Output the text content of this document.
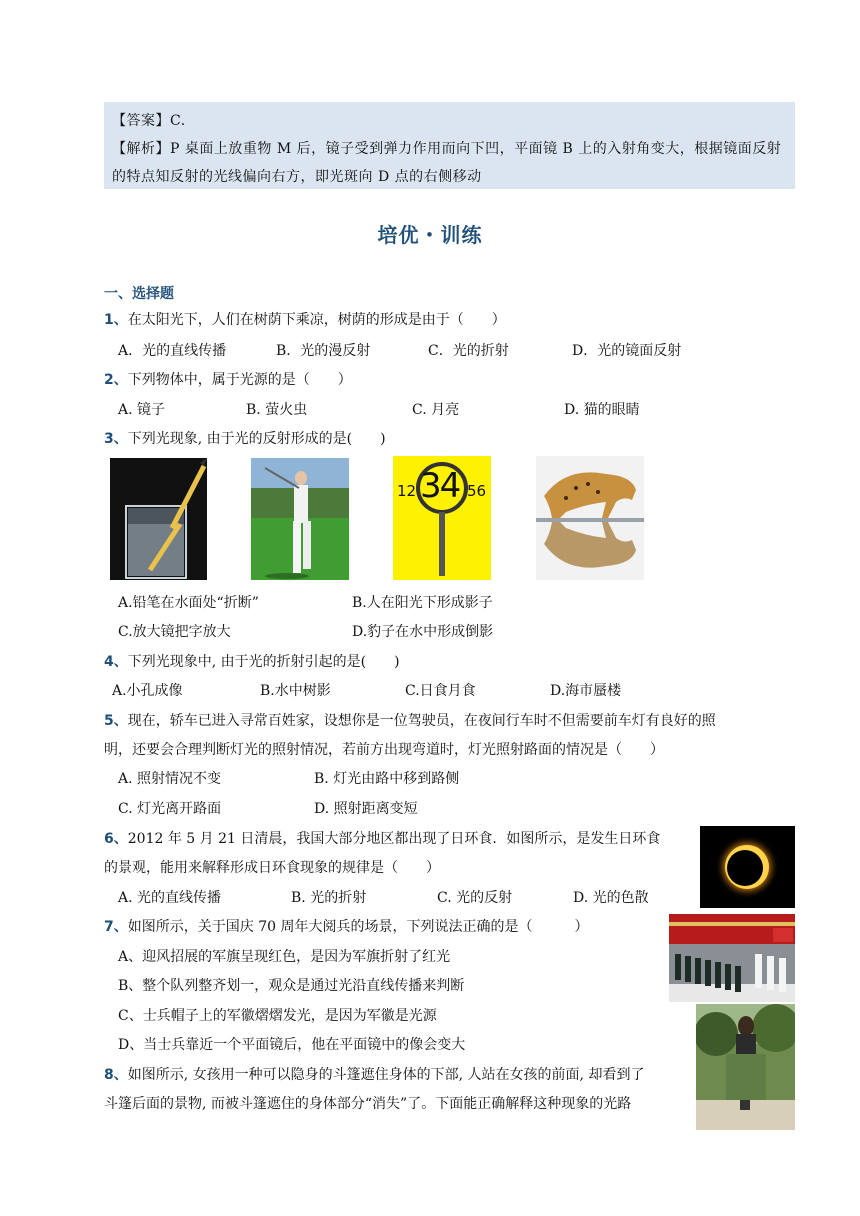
【答案】C.
【解析】P 桌面上放重物 M 后，镜子受到弹力作用而向下凹，平面镜 B 上的入射角变大，根据镜面反射
的特点知反射的光线偏向右方，即光斑向 D 点的右侧移动
培优・训练
一、选择题
1、在太阳光下，人们在树荫下乘凉，树荫的形成是由于（　　）
A．光的直线传播	B．光的漫反射	C．光的折射	D．光的镜面反射
2、下列物体中，属于光源的是（　　）
A. 镜子	B. 萤火虫	C. 月亮	D. 猫的眼睛
3、下列光现象, 由于光的反射形成的是(　　)
12 34 56
A.铅笔在水面处“折断”	B.人在阳光下形成影子
C.放大镜把字放大	D.豹子在水中形成倒影
4、下列光现象中, 由于光的折射引起的是(　　)
A.小孔成像	B.水中树影	C.日食月食	D.海市蜃楼
5、现在，轿车已进入寻常百姓家，设想你是一位驾驶员，在夜间行车时不但需要前车灯有良好的照
明，还要会合理判断灯光的照射情况，若前方出现弯道时，灯光照射路面的情况是（　　）
A. 照射情况不变	B. 灯光由路中移到路侧
C. 灯光离开路面	D. 照射距离变短
6、2012 年 5 月 21 日清晨，我国大部分地区都出现了日环食．如图所示，是发生日环食
的景观，能用来解释形成日环食现象的规律是（　　）
A. 光的直线传播	B. 光的折射	C. 光的反射	D. 光的色散
7、如图所示，关于国庆 70 周年大阅兵的场景，下列说法正确的是（　　　）
A、迎风招展的军旗呈现红色，是因为军旗折射了红光
B、整个队列整齐划一，观众是通过光沿直线传播来判断
C、士兵帽子上的军徽熠熠发光，是因为军徽是光源
D、当士兵靠近一个平面镜后，他在平面镜中的像会变大
8、如图所示, 女孩用一种可以隐身的斗篷遮住身体的下部, 人站在女孩的前面, 却看到了
斗篷后面的景物, 而被斗篷遮住的身体部分“消失”了。下面能正确解释这种现象的光路
